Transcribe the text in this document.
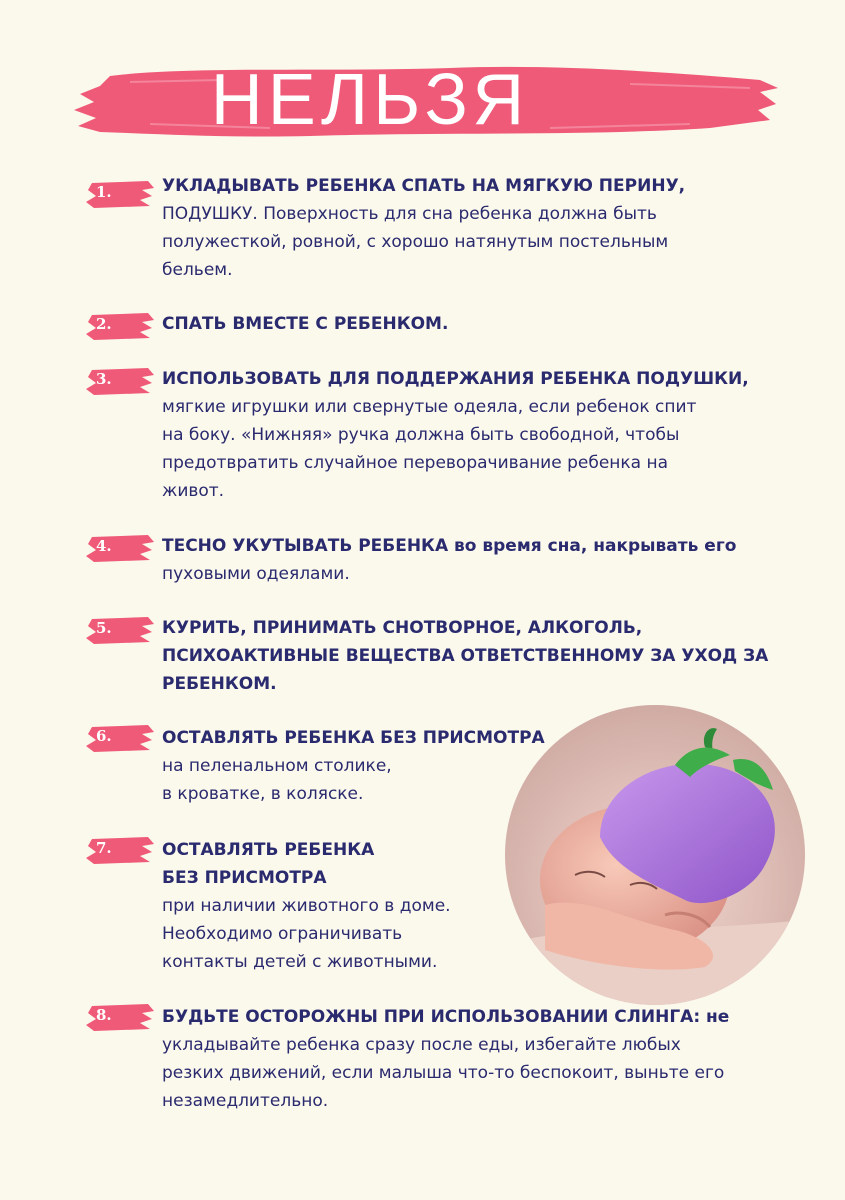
НЕЛЬЗЯ
1.	УКЛАДЫВАТЬ РЕБЕНКА СПАТЬ НА МЯГКУЮ ПЕРИНУ,
ПОДУШКУ. Поверхность для сна ребенка должна быть
полужесткой, ровной, с хорошо натянутым постельным
бельем.
2.	СПАТЬ ВМЕСТЕ С РЕБЕНКОМ.
3.	ИСПОЛЬЗОВАТЬ ДЛЯ ПОДДЕРЖАНИЯ РЕБЕНКА ПОДУШКИ,
мягкие игрушки или свернутые одеяла, если ребенок спит
на боку. «Нижняя» ручка должна быть свободной, чтобы
предотвратить случайное переворачивание ребенка на
живот.
4.	ТЕСНО УКУТЫВАТЬ РЕБЕНКА во время сна, накрывать его
пуховыми одеялами.
5.	КУРИТЬ, ПРИНИМАТЬ СНОТВОРНОЕ, АЛКОГОЛЬ,
ПСИХОАКТИВНЫЕ ВЕЩЕСТВА ОТВЕТСТВЕННОМУ ЗА УХОД ЗА
РЕБЕНКОМ.
6.	ОСТАВЛЯТЬ РЕБЕНКА БЕЗ ПРИСМОТРА
на пеленальном столике,
в кроватке, в коляске.
7.	ОСТАВЛЯТЬ РЕБЕНКА
БЕЗ ПРИСМОТРА
при наличии животного в доме.
Необходимо ограничивать
контакты детей с животными.
8.	БУДЬТЕ ОСТОРОЖНЫ ПРИ ИСПОЛЬЗОВАНИИ СЛИНГА: не
укладывайте ребенка сразу после еды, избегайте любых
резких движений, если малыша что-то беспокоит, выньте его
незамедлительно.
